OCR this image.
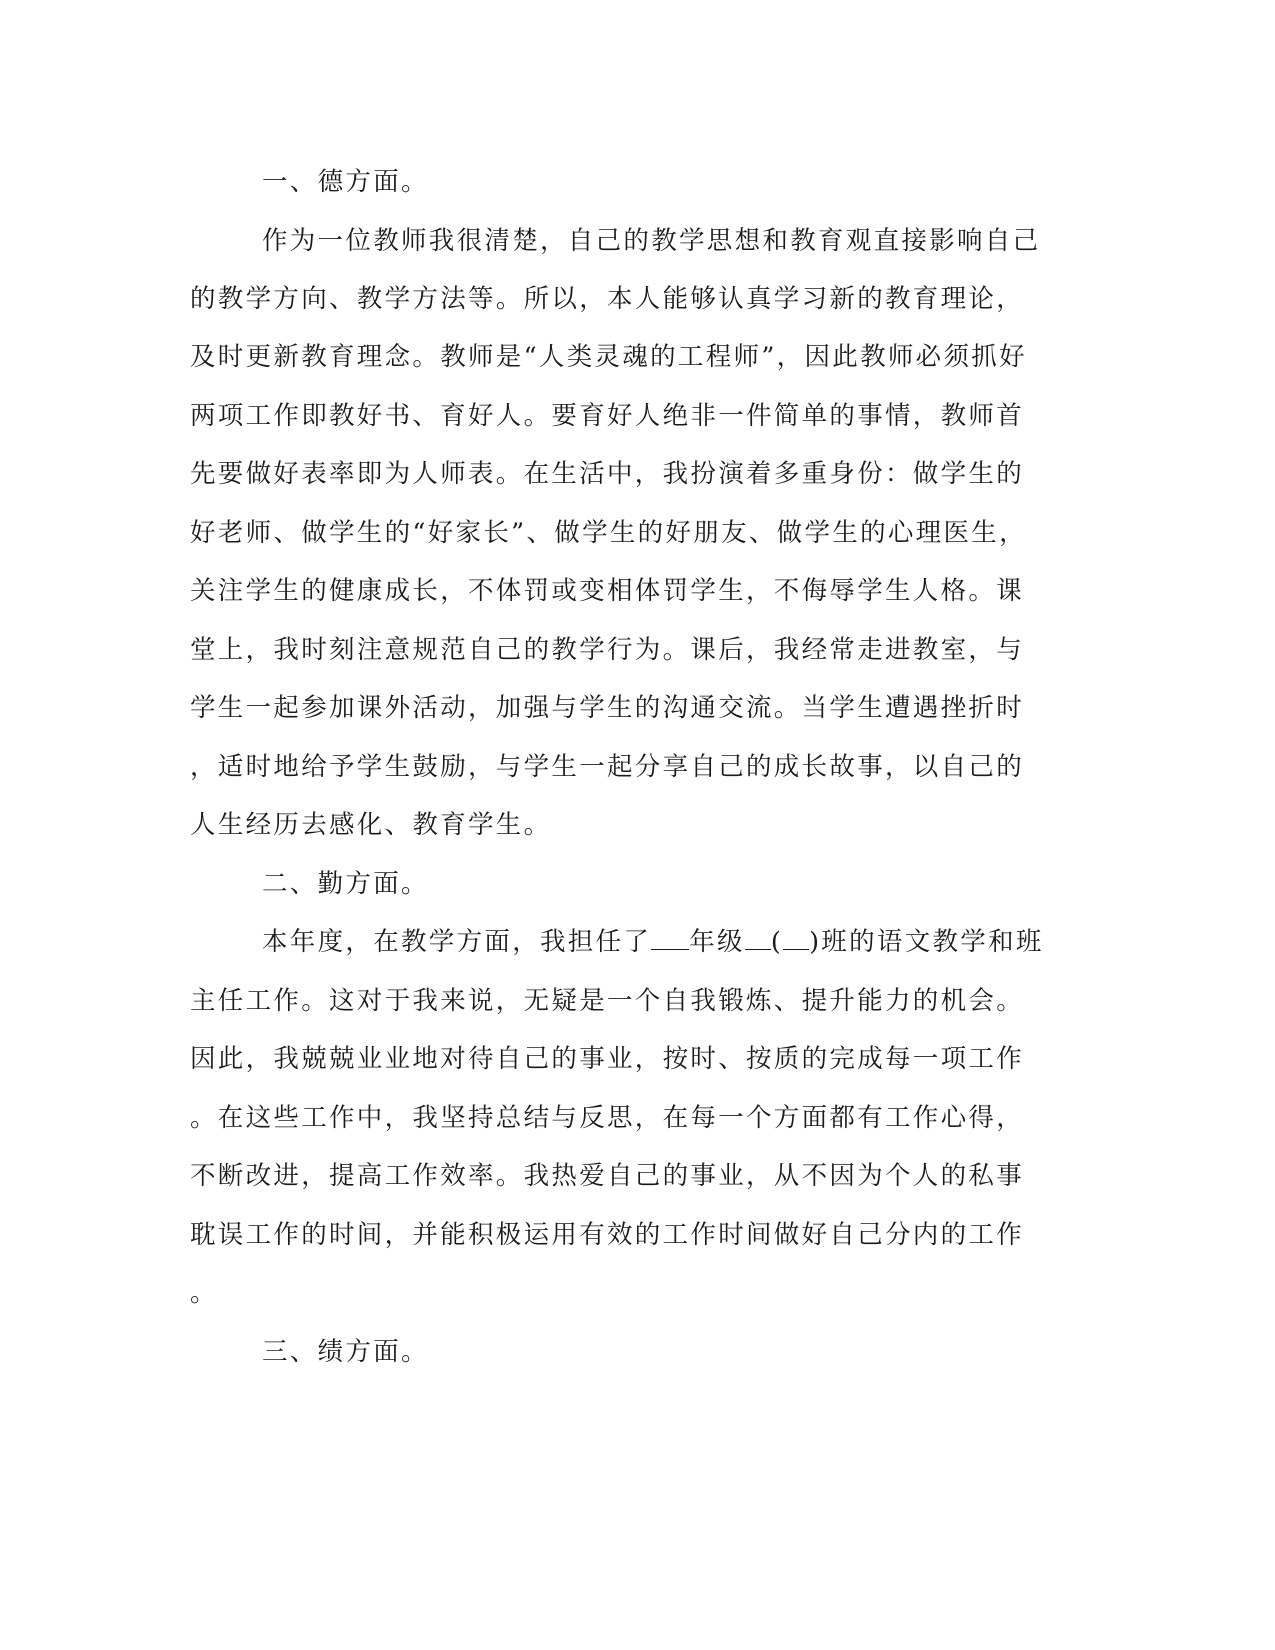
一、德方面。
作为一位教师我很清楚，自己的教学思想和教育观直接影响自己
的教学方向、教学方法等。所以，本人能够认真学习新的教育理论，
及时更新教育理念。教师是“人类灵魂的工程师”，因此教师必须抓好
两项工作即教好书、育好人。要育好人绝非一件简单的事情，教师首
先要做好表率即为人师表。在生活中，我扮演着多重身份：做学生的
好老师、做学生的“好家长”、做学生的好朋友、做学生的心理医生，
关注学生的健康成长，不体罚或变相体罚学生，不侮辱学生人格。课
堂上，我时刻注意规范自己的教学行为。课后，我经常走进教室，与
学生一起参加课外活动，加强与学生的沟通交流。当学生遭遇挫折时
，适时地给予学生鼓励，与学生一起分享自己的成长故事，以自己的
人生经历去感化、教育学生。
二、勤方面。
本年度，在教学方面，我担任了 年级 ( )班的语文教学和班
主任工作。这对于我来说，无疑是一个自我锻炼、提升能力的机会。
因此，我兢兢业业地对待自己的事业，按时、按质的完成每一项工作
。在这些工作中，我坚持总结与反思，在每一个方面都有工作心得，
不断改进，提高工作效率。我热爱自己的事业，从不因为个人的私事
耽误工作的时间，并能积极运用有效的工作时间做好自己分内的工作
。
三、绩方面。
